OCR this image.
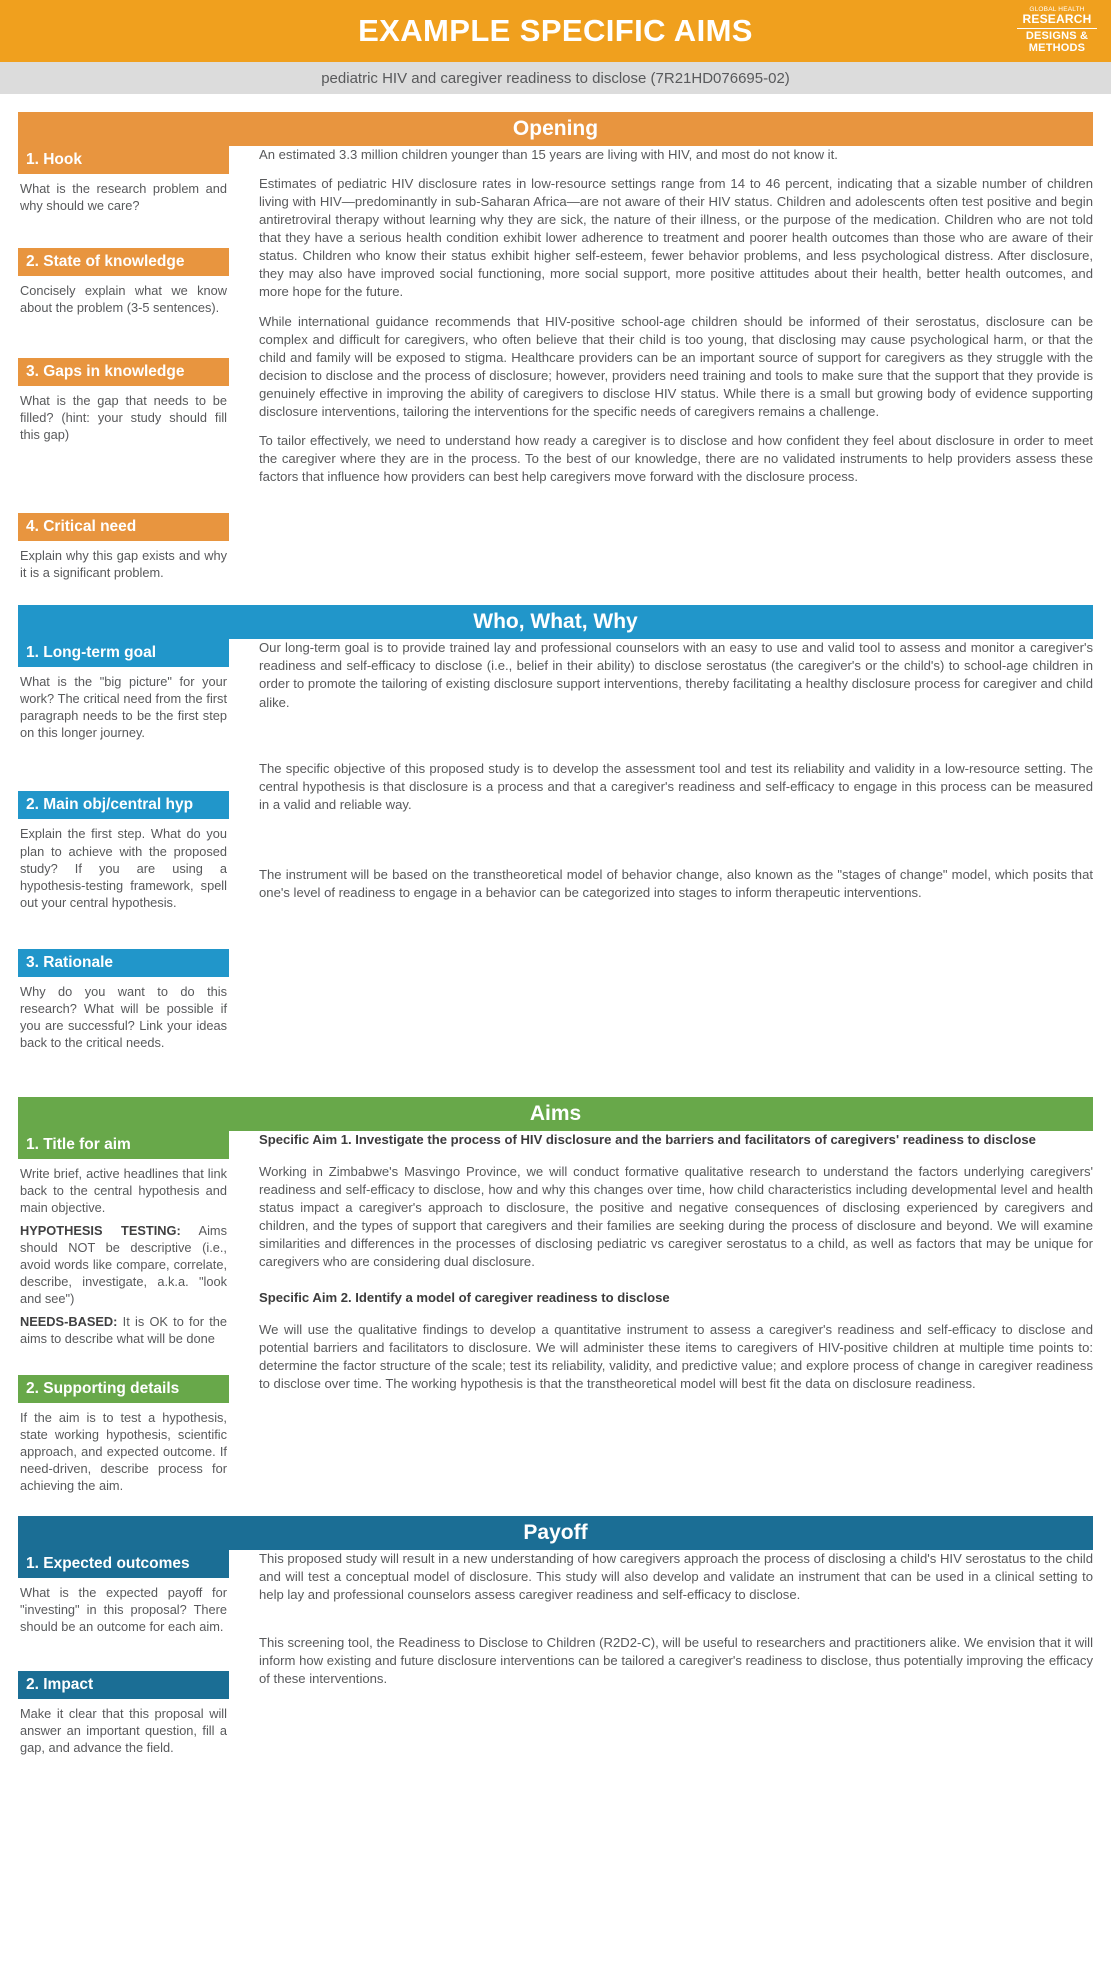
EXAMPLE SPECIFIC AIMS
GLOBAL HEALTH
RESEARCH
DESIGNS &
METHODS
pediatric HIV and caregiver readiness to disclose (7R21HD076695-02)
Opening
1. Hook
What is the research problem and why should we care?
2. State of knowledge
Concisely explain what we know about the problem (3-5 sentences).
3. Gaps in knowledge
What is the gap that needs to be filled? (hint: your study should fill this gap)
4. Critical need
Explain why this gap exists and why it is a significant problem.

An estimated 3.3 million children younger than 15 years are living with HIV, and most do not know it.

Estimates of pediatric HIV disclosure rates in low-resource settings range from 14 to 46 percent, indicating that a sizable number of children living with HIV—predominantly in sub-Saharan Africa—are not aware of their HIV status. Children and adolescents often test positive and begin antiretroviral therapy without learning why they are sick, the nature of their illness, or the purpose of the medication. Children who are not told that they have a serious health condition exhibit lower adherence to treatment and poorer health outcomes than those who are aware of their status. Children who know their status exhibit higher self-esteem, fewer behavior problems, and less psychological distress. After disclosure, they may also have improved social functioning, more social support, more positive attitudes about their health, better health outcomes, and more hope for the future.

While international guidance recommends that HIV-positive school-age children should be informed of their serostatus, disclosure can be complex and difficult for caregivers, who often believe that their child is too young, that disclosing may cause psychological harm, or that the child and family will be exposed to stigma. Healthcare providers can be an important source of support for caregivers as they struggle with the decision to disclose and the process of disclosure; however, providers need training and tools to make sure that the support that they provide is genuinely effective in improving the ability of caregivers to disclose HIV status. While there is a small but growing body of evidence supporting disclosure interventions, tailoring the interventions for the specific needs of caregivers remains a challenge.

To tailor effectively, we need to understand how ready a caregiver is to disclose and how confident they feel about disclosure in order to meet the caregiver where they are in the process. To the best of our knowledge, there are no validated instruments to help providers assess these factors that influence how providers can best help caregivers move forward with the disclosure process.

Who, What, Why
1. Long-term goal
What is the "big picture" for your work? The critical need from the first paragraph needs to be the first step on this longer journey.
2. Main obj/central hyp
Explain the first step. What do you plan to achieve with the proposed study? If you are using a hypothesis-testing framework, spell out your central hypothesis.
3. Rationale
Why do you want to do this research? What will be possible if you are successful? Link your ideas back to the critical needs.

Our long-term goal is to provide trained lay and professional counselors with an easy to use and valid tool to assess and monitor a caregiver's readiness and self-efficacy to disclose (i.e., belief in their ability) to disclose serostatus (the caregiver's or the child's) to school-age children in order to promote the tailoring of existing disclosure support interventions, thereby facilitating a healthy disclosure process for caregiver and child alike.

The specific objective of this proposed study is to develop the assessment tool and test its reliability and validity in a low-resource setting. The central hypothesis is that disclosure is a process and that a caregiver's readiness and self-efficacy to engage in this process can be measured in a valid and reliable way.

The instrument will be based on the transtheoretical model of behavior change, also known as the "stages of change" model, which posits that one's level of readiness to engage in a behavior can be categorized into stages to inform therapeutic interventions.

Aims
1. Title for aim

Write brief, active headlines that link back to the central hypothesis and main objective.

HYPOTHESIS TESTING: Aims should NOT be descriptive (i.e., avoid words like compare, correlate, describe, investigate, a.k.a. "look and see")

NEEDS-BASED: It is OK to for the aims to describe what will be done

2. Supporting details
If the aim is to test a hypothesis, state working hypothesis, scientific approach, and expected outcome. If need-driven, describe process for achieving the aim.

Specific Aim 1. Investigate the process of HIV disclosure and the barriers and facilitators of caregivers' readiness to disclose

Working in Zimbabwe's Masvingo Province, we will conduct formative qualitative research to understand the factors underlying caregivers' readiness and self-efficacy to disclose, how and why this changes over time, how child characteristics including developmental level and health status impact a caregiver's approach to disclosure, the positive and negative consequences of disclosing experienced by caregivers and children, and the types of support that caregivers and their families are seeking during the process of disclosure and beyond. We will examine similarities and differences in the processes of disclosing pediatric vs caregiver serostatus to a child, as well as factors that may be unique for caregivers who are considering dual disclosure.

Specific Aim 2. Identify a model of caregiver readiness to disclose

We will use the qualitative findings to develop a quantitative instrument to assess a caregiver's readiness and self-efficacy to disclose and potential barriers and facilitators to disclosure. We will administer these items to caregivers of HIV-positive children at multiple time points to: determine the factor structure of the scale; test its reliability, validity, and predictive value; and explore process of change in caregiver readiness to disclose over time. The working hypothesis is that the transtheoretical model will best fit the data on disclosure readiness.

Payoff
1. Expected outcomes
What is the expected payoff for "investing" in this proposal? There should be an outcome for each aim.
2. Impact
Make it clear that this proposal will answer an important question, fill a gap, and advance the field.

This proposed study will result in a new understanding of how caregivers approach the process of disclosing a child's HIV serostatus to the child and will test a conceptual model of disclosure. This study will also develop and validate an instrument that can be used in a clinical setting to help lay and professional counselors assess caregiver readiness and self-efficacy to disclose.

This screening tool, the Readiness to Disclose to Children (R2D2-C), will be useful to researchers and practitioners alike. We envision that it will inform how existing and future disclosure interventions can be tailored a caregiver's readiness to disclose, thus potentially improving the efficacy of these interventions.
